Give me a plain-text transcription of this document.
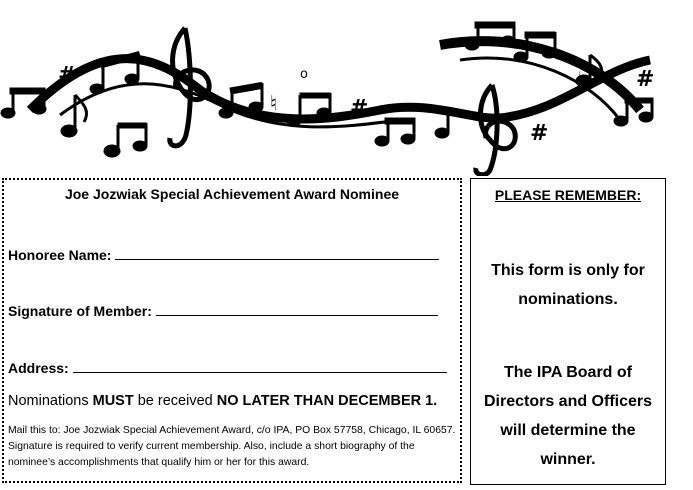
#
#
#
#
♮
♮
o
Joe Jozwiak Special Achievement Award Nominee
Honoree Name:
Signature of Member:
Address:
Nominations MUST be received NO LATER THAN DECEMBER 1.
Mail this to: Joe Jozwiak Special Achievement Award, c/o IPA, PO Box 57758, Chicago, IL 60657. Signature is required to verify current membership. Also, include a short biography of the nominee’s accomplishments that qualify him or her for this award.
PLEASE REMEMBER:
This form is only for nominations.
The IPA Board of Directors and Officers will determine the winner.
